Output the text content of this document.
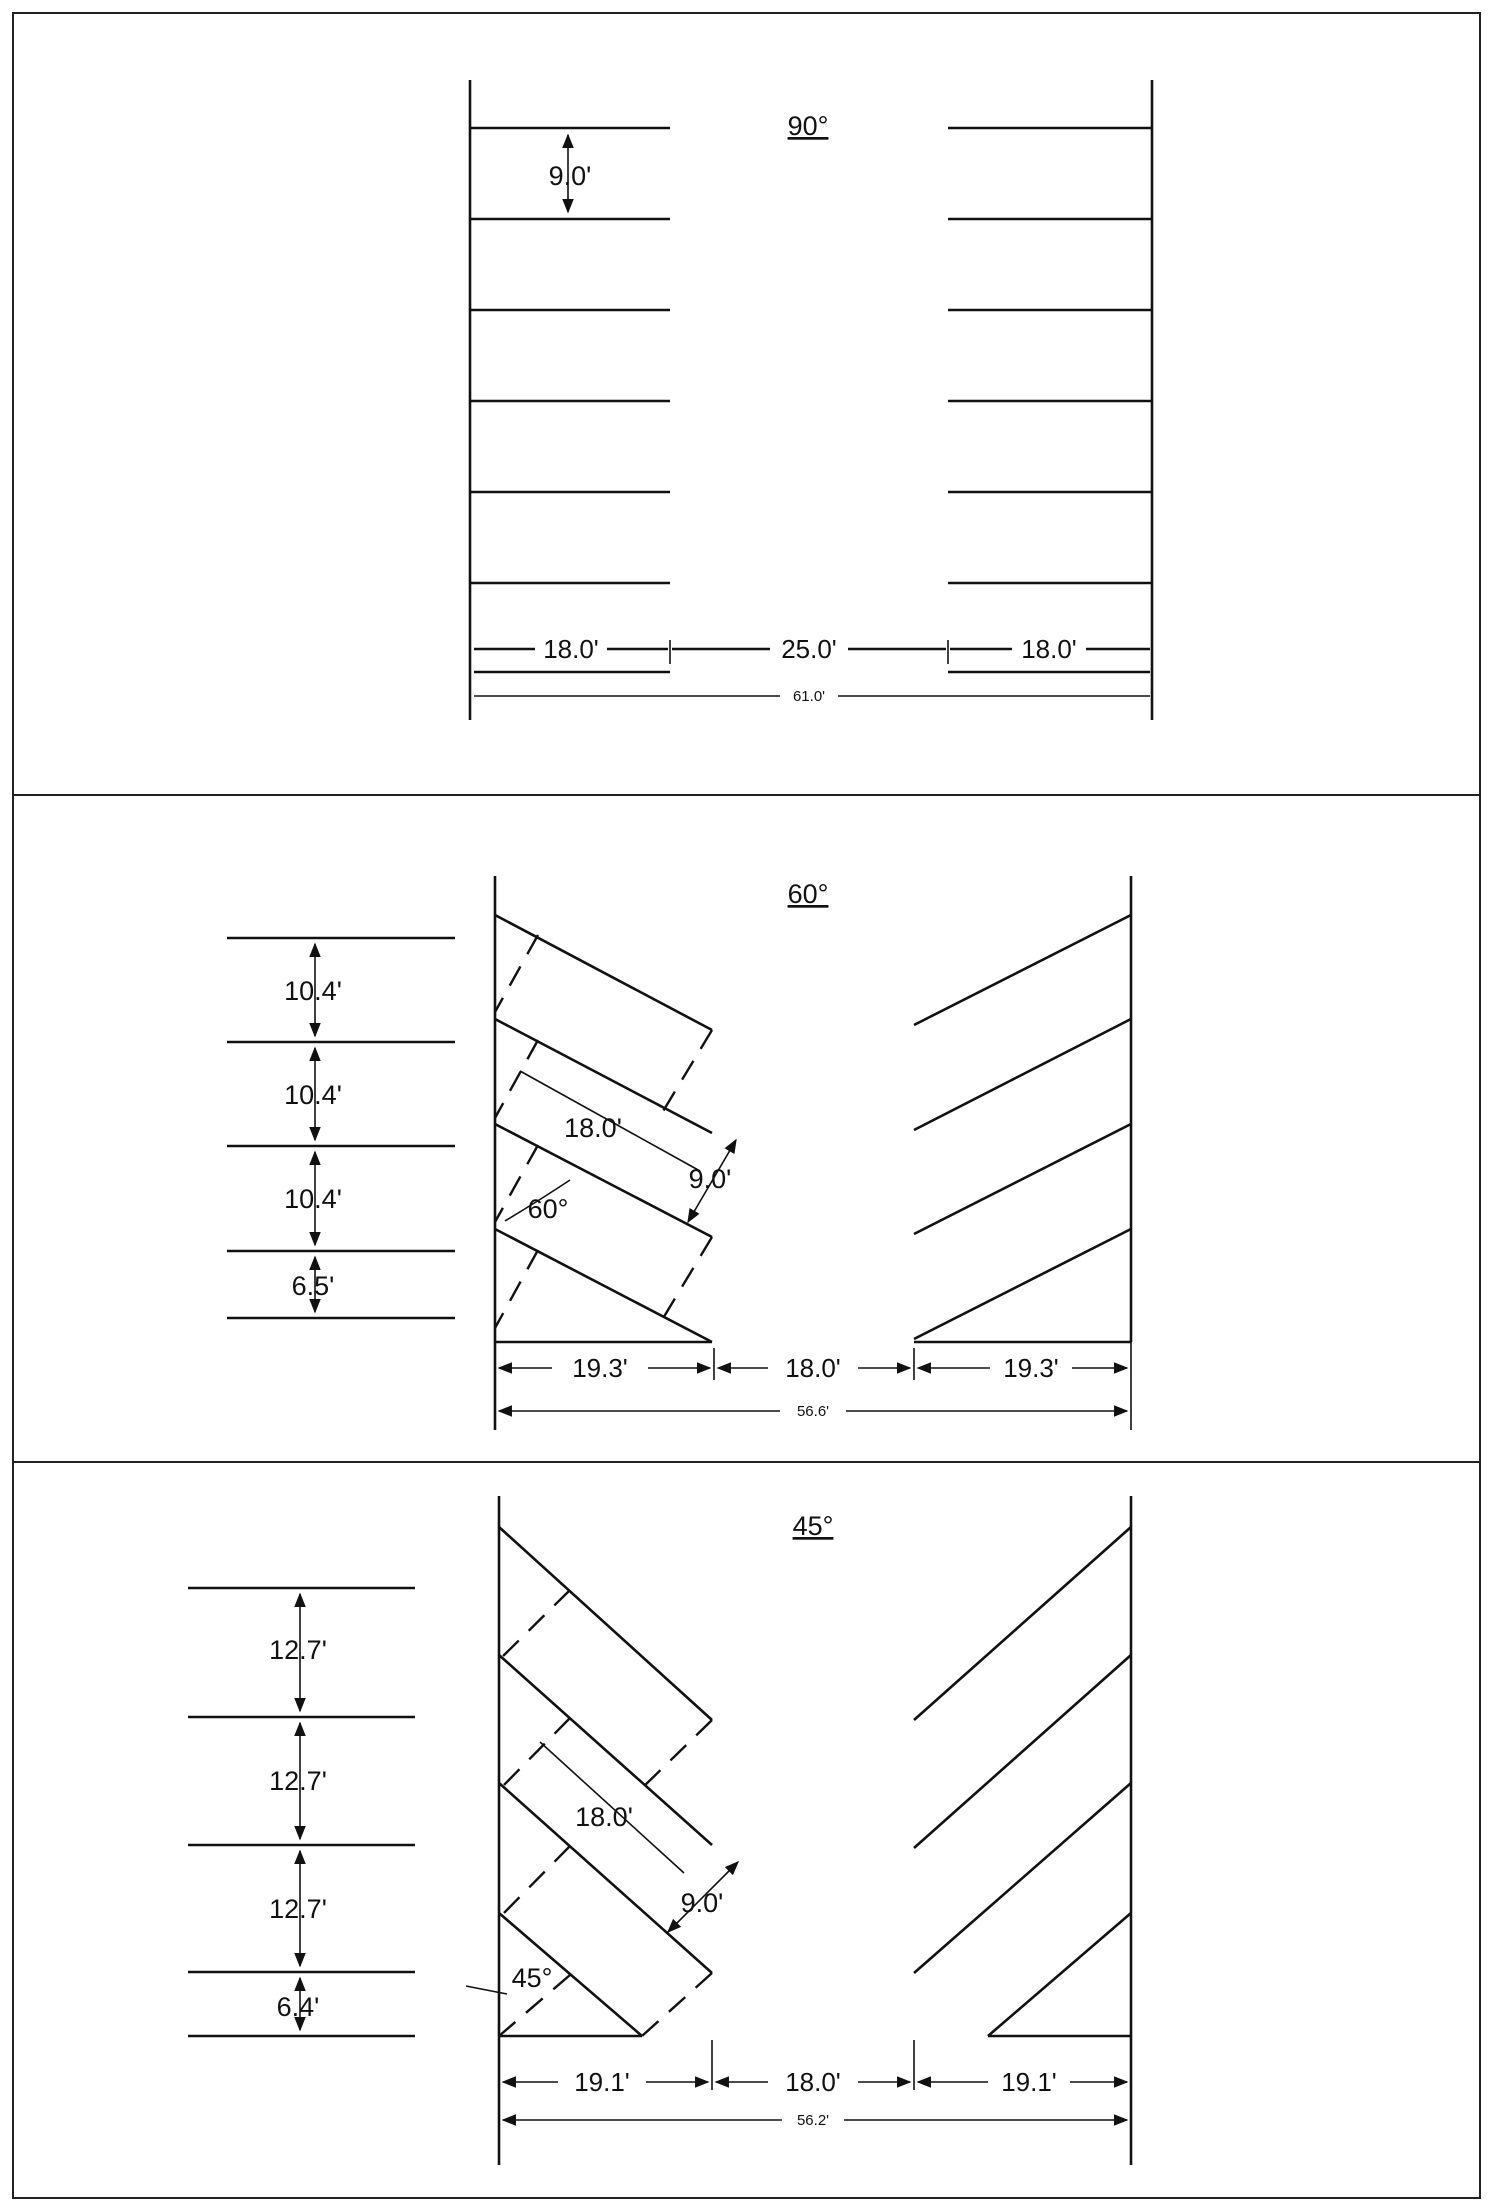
90°
9.0'
18.0'	25.0'	18.0'
61.0'
60°
18.0'
9.0'
60°
10.4'
10.4'
10.4'
6.5'
19.3'	18.0'	19.3'
56.6'
45°
18.0'
9.0'
45°
12.7'
12.7'
12.7'
6.4'
19.1'	18.0'	19.1'
56.2'
